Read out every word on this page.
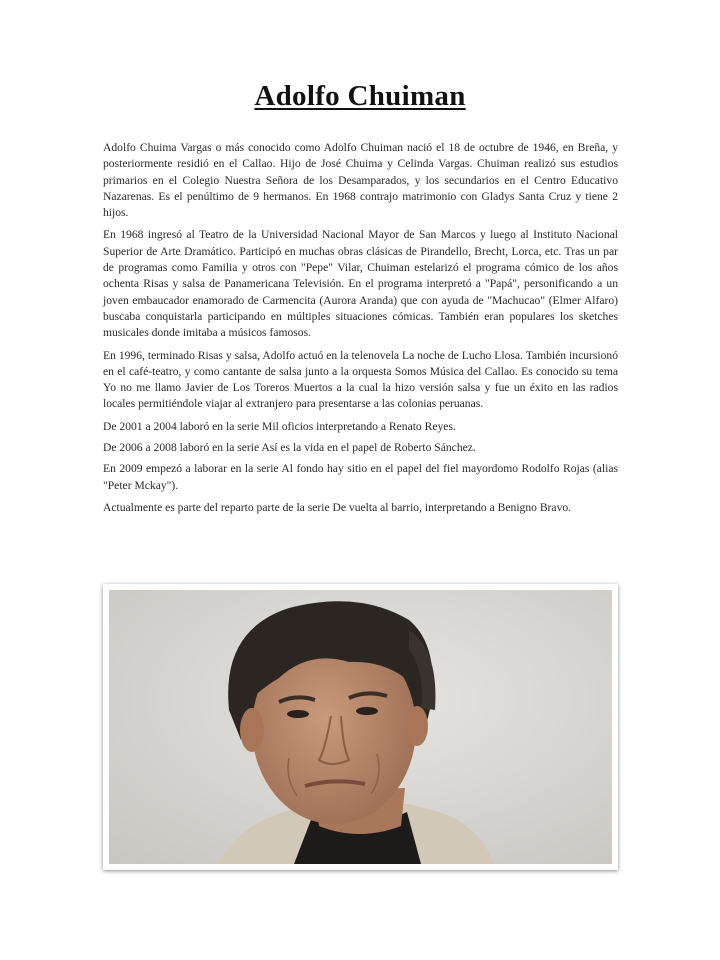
Adolfo Chuiman

Adolfo Chuima Vargas o más conocido como Adolfo Chuiman nació el 18 de octubre de 1946, en Breña, y posteriormente residió en el Callao. Hijo de José Chuima y Celinda Vargas. Chuiman realizó sus estudios primarios en el Colegio Nuestra Señora de los Desamparados, y los secundarios en el Centro Educativo Nazarenas. Es el penúltimo de 9 hermanos. En 1968 contrajo matrimonio con Gladys Santa Cruz y tiene 2 hijos.

En 1968 ingresó al Teatro de la Universidad Nacional Mayor de San Marcos y luego al Instituto Nacional Superior de Arte Dramático. Participó en muchas obras clásicas de Pirandello, Brecht, Lorca, etc. Tras un par de programas como Familia y otros con "Pepe" Vilar, Chuiman estelarizó el programa cómico de los años ochenta Risas y salsa de Panamericana Televisión. En el programa interpretó a "Papá", personificando a un joven embaucador enamorado de Carmencita (Aurora Aranda) que con ayuda de "Machucao" (Elmer Alfaro) buscaba conquistarla participando en múltiples situaciones cómicas. También eran populares los sketches musicales donde imitaba a músicos famosos.

En 1996, terminado Risas y salsa, Adolfo actuó en la telenovela La noche de Lucho Llosa. También incursionó en el café-teatro, y como cantante de salsa junto a la orquesta Somos Música del Callao. Es conocido su tema Yo no me llamo Javier de Los Toreros Muertos a la cual la hizo versión salsa y fue un éxito en las radios locales permitiéndole viajar al extranjero para presentarse a las colonias peruanas.

De 2001 a 2004 laboró en la serie Mil oficios interpretando a Renato Reyes.

De 2006 a 2008 laboró en la serie Así es la vida en el papel de Roberto Sánchez.

En 2009 empezó a laborar en la serie Al fondo hay sitio en el papel del fiel mayordomo Rodolfo Rojas (alias "Peter Mckay").

Actualmente es parte del reparto parte de la serie De vuelta al barrio, interpretando a Benigno Bravo.
